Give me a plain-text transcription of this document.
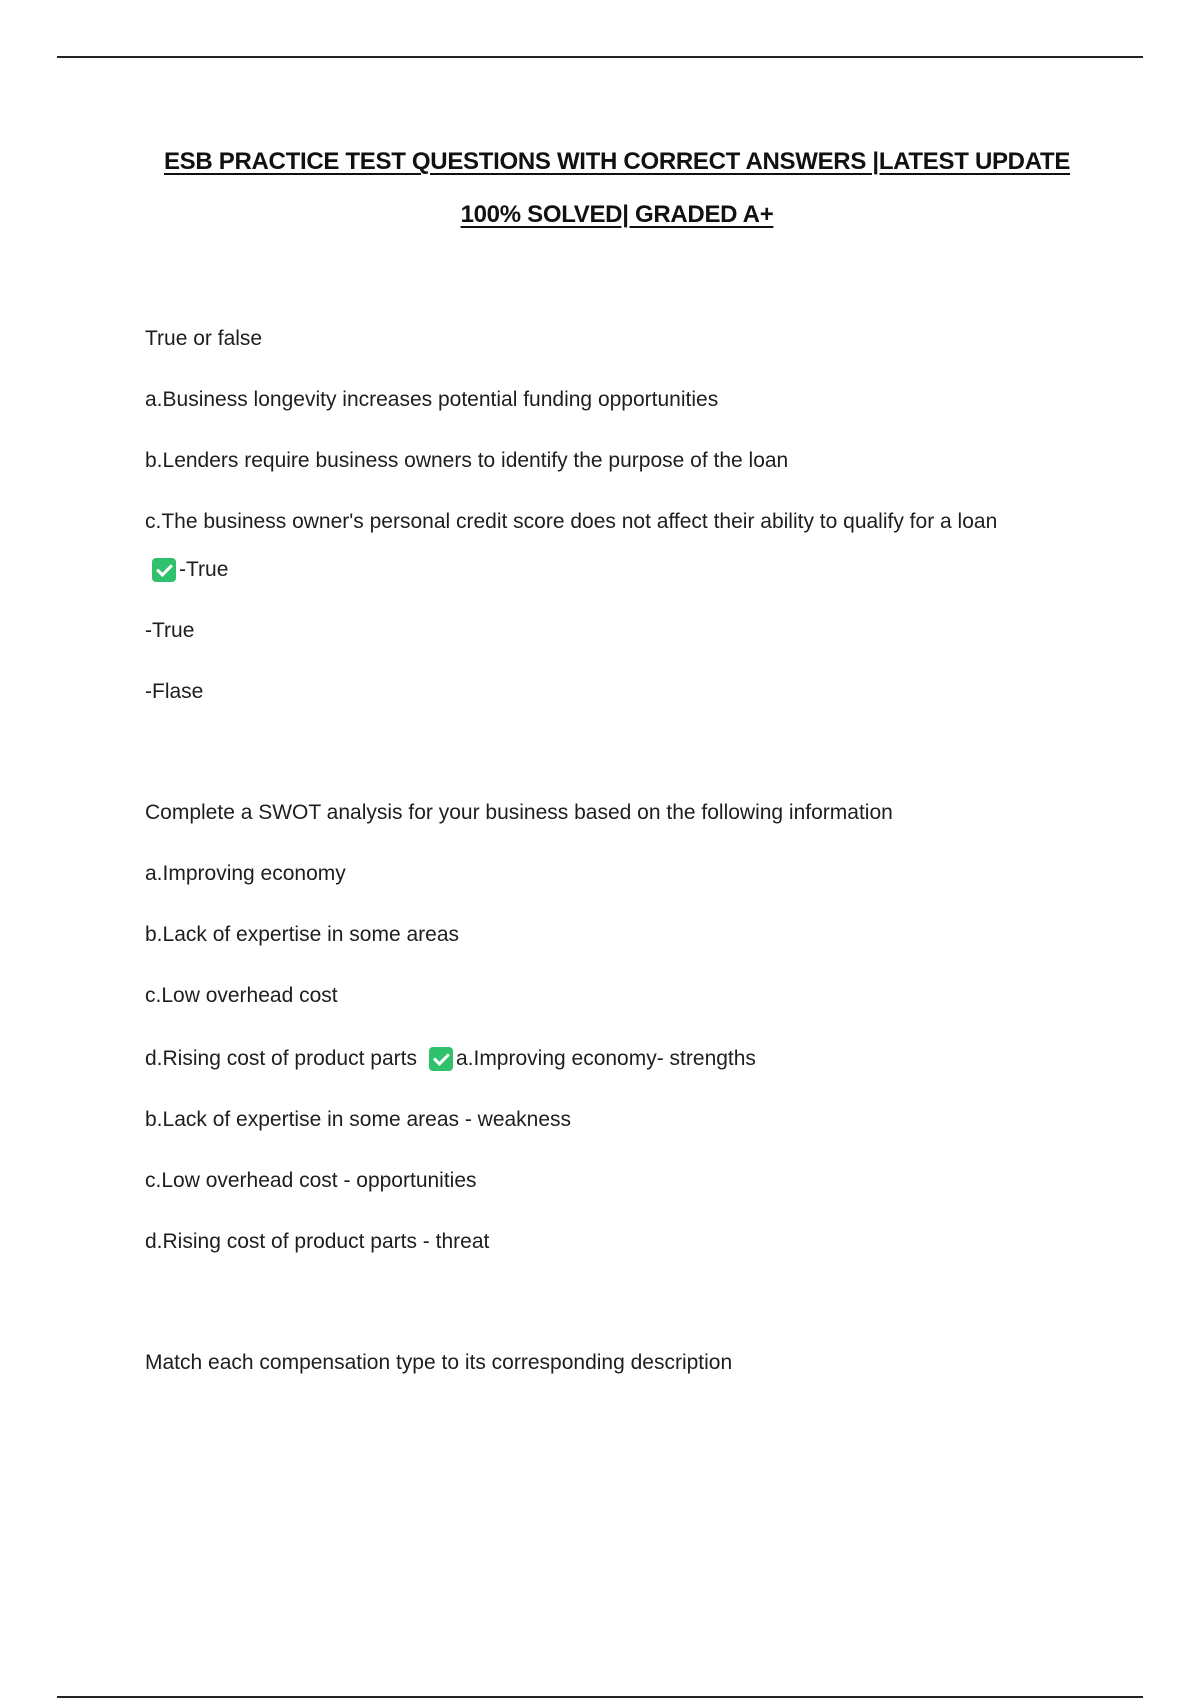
ESB PRACTICE TEST QUESTIONS WITH CORRECT ANSWERS |LATEST UPDATE
100% SOLVED| GRADED A+
True or false
a.Business longevity increases potential funding opportunities
b.Lenders require business owners to identify the purpose of the loan
c.The business owner's personal credit score does not affect their ability to qualify for a loan
-True
-True
-Flase
Complete a SWOT analysis for your business based on the following information
a.Improving economy
b.Lack of expertise in some areas
c.Low overhead cost
d.Rising cost of product parts a.Improving economy- strengths
b.Lack of expertise in some areas - weakness
c.Low overhead cost - opportunities
d.Rising cost of product parts - threat
Match each compensation type to its corresponding description
